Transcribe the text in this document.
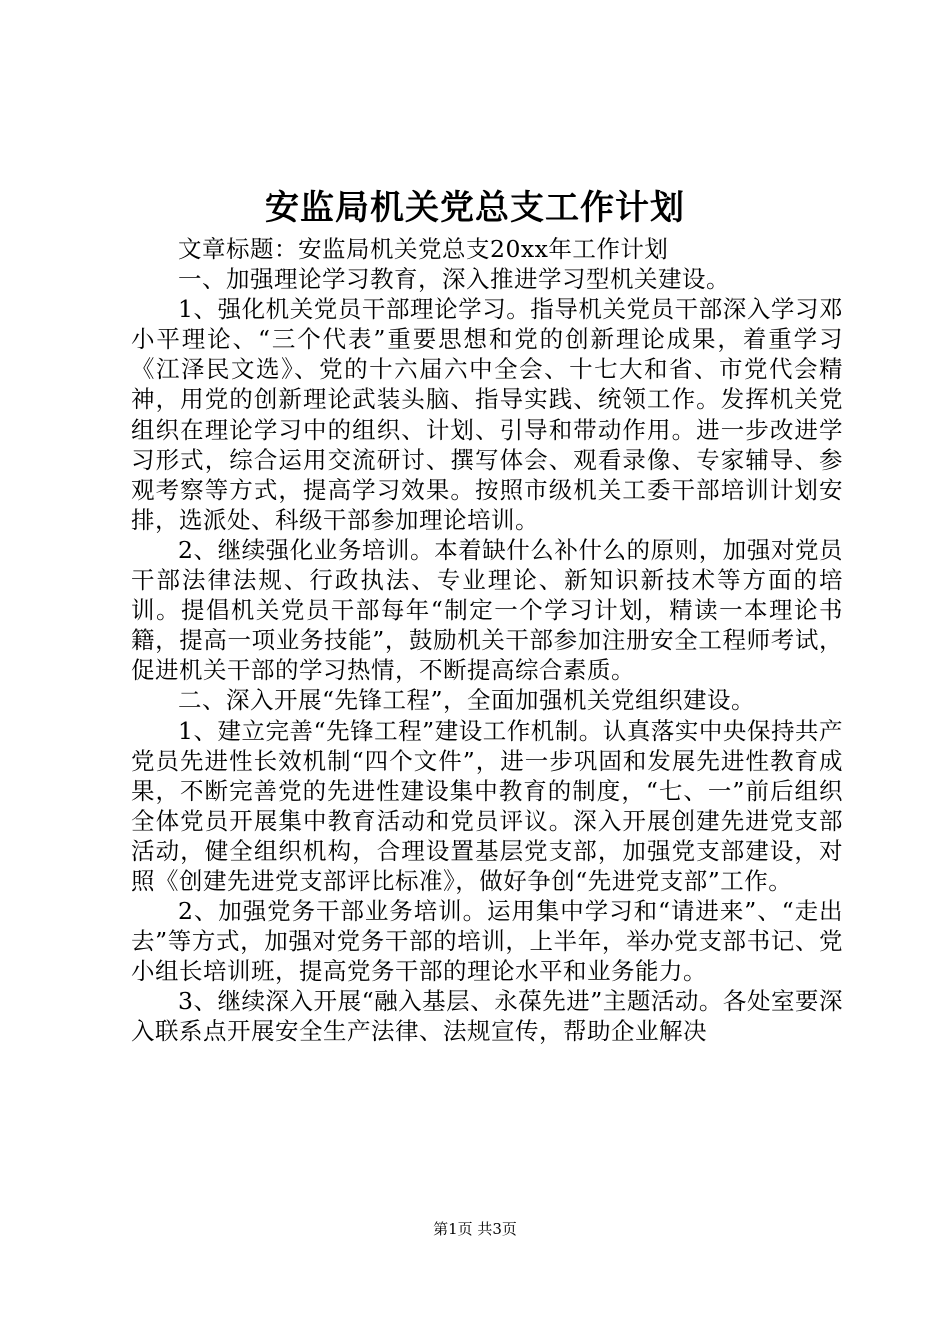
安监局机关党总支工作计划

文章标题：安监局机关党总支20xx年工作计划

一、加强理论学习教育，深入推进学习型机关建设。

1、强化机关党员干部理论学习。指导机关党员干部深入学习邓小平理论、“三个代表”重要思想和党的创新理论成果，着重学习《江泽民文选》、党的十六届六中全会、十七大和省、市党代会精神，用党的创新理论武装头脑、指导实践、统领工作。发挥机关党组织在理论学习中的组织、计划、引导和带动作用。进一步改进学习形式，综合运用交流研讨、撰写体会、观看录像、专家辅导、参观考察等方式，提高学习效果。按照市级机关工委干部培训计划安排，选派处、科级干部参加理论培训。

2、继续强化业务培训。本着缺什么补什么的原则，加强对党员干部法律法规、行政执法、专业理论、新知识新技术等方面的培训。提倡机关党员干部每年“制定一个学习计划，精读一本理论书籍，提高一项业务技能”，鼓励机关干部参加注册安全工程师考试，促进机关干部的学习热情，不断提高综合素质。

二、深入开展“先锋工程”，全面加强机关党组织建设。

1、建立完善“先锋工程”建设工作机制。认真落实中央保持共产党员先进性长效机制“四个文件”，进一步巩固和发展先进性教育成果，不断完善党的先进性建设集中教育的制度，“七、一”前后组织全体党员开展集中教育活动和党员评议。深入开展创建先进党支部活动，健全组织机构，合理设置基层党支部，加强党支部建设，对照《创建先进党支部评比标准》，做好争创“先进党支部”工作。

2、加强党务干部业务培训。运用集中学习和“请进来”、“走出去”等方式，加强对党务干部的培训，上半年，举办党支部书记、党小组长培训班，提高党务干部的理论水平和业务能力。

3、继续深入开展“融入基层、永葆先进”主题活动。各处室要深入联系点开展安全生产法律、法规宣传，帮助企业解决

第1页 共3页
